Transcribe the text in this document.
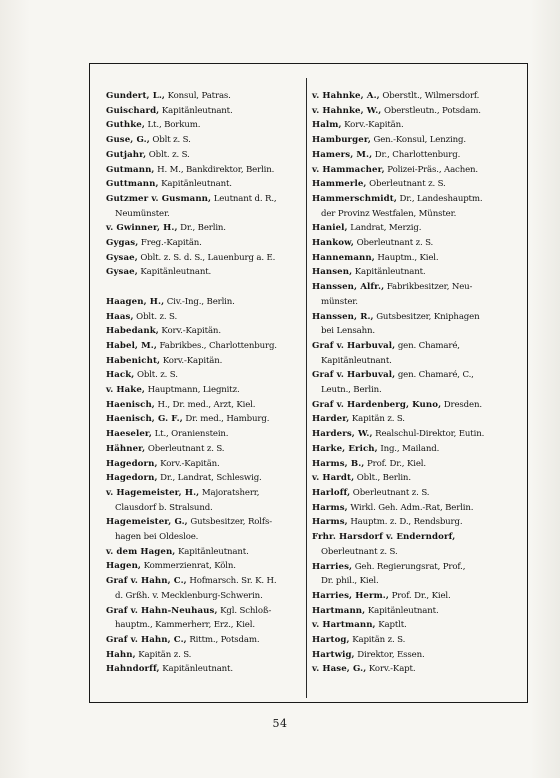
Gundert, L., Konsul, Patras.
Guischard, Kapitänleutnant.
Guthke, Lt., Borkum.
Guse, G., Oblt z. S.
Gutjahr, Oblt. z. S.
Gutmann, H. M., Bankdirektor, Berlin.
Guttmann, Kapitänleutnant.
Gutzmer v. Gusmann, Leutnant d. R.,
Neumünster.
v. Gwinner, H., Dr., Berlin.
Gygas, Freg.-Kapitän.
Gysae, Oblt. z. S. d. S., Lauenburg a. E.
Gysae, Kapitänleutnant.
Haagen, H., Civ.-Ing., Berlin.
Haas, Oblt. z. S.
Habedank, Korv.-Kapitän.
Habel, M., Fabrikbes., Charlottenburg.
Habenicht, Korv.-Kapitän.
Hack, Oblt. z. S.
v. Hake, Hauptmann, Liegnitz.
Haenisch, H., Dr. med., Arzt, Kiel.
Haenisch, G. F., Dr. med., Hamburg.
Haeseler, Lt., Oranienstein.
Hähner, Oberleutnant z. S.
Hagedorn, Korv.-Kapitän.
Hagedorn, Dr., Landrat, Schleswig.
v. Hagemeister, H., Majoratsherr,
Clausdorf b. Stralsund.
Hagemeister, G., Gutsbesitzer, Rolfs-
hagen bei Oldesloe.
v. dem Hagen, Kapitänleutnant.
Hagen, Kommerzienrat, Köln.
Graf v. Hahn, C., Hofmarsch. Sr. K. H.
d. Grßh. v. Mecklenburg-Schwerin.
Graf v. Hahn-Neuhaus, Kgl. Schloß-
hauptm., Kammerherr, Erz., Kiel.
Graf v. Hahn, C., Rittm., Potsdam.
Hahn, Kapitän z. S.
Hahndorff, Kapitänleutnant.
v. Hahnke, A., Oberstlt., Wilmersdorf.
v. Hahnke, W., Oberstleutn., Potsdam.
Halm, Korv.-Kapitän.
Hamburger, Gen.-Konsul, Lenzing.
Hamers, M., Dr., Charlottenburg.
v. Hammacher, Polizei-Präs., Aachen.
Hammerle, Oberleutnant z. S.
Hammerschmidt, Dr., Landeshauptm.
der Provinz Westfalen, Münster.
Haniel, Landrat, Merzig.
Hankow, Oberleutnant z. S.
Hannemann, Hauptm., Kiel.
Hansen, Kapitänleutnant.
Hanssen, Alfr., Fabrikbesitzer, Neu-
münster.
Hanssen, R., Gutsbesitzer, Kniphagen
bei Lensahn.
Graf v. Harbuval, gen. Chamaré,
Kapitänleutnant.
Graf v. Harbuval, gen. Chamaré, C.,
Leutn., Berlin.
Graf v. Hardenberg, Kuno, Dresden.
Harder, Kapitän z. S.
Harders, W., Realschul-Direktor, Eutin.
Harke, Erich, Ing., Mailand.
Harms, B., Prof. Dr., Kiel.
v. Hardt, Oblt., Berlin.
Harloff, Oberleutnant z. S.
Harms, Wirkl. Geh. Adm.-Rat, Berlin.
Harms, Hauptm. z. D., Rendsburg.
Frhr. Harsdorf v. Enderndorf,
Oberleutnant z. S.
Harries, Geh. Regierungsrat, Prof.,
Dr. phil., Kiel.
Harries, Herm., Prof. Dr., Kiel.
Hartmann, Kapitänleutnant.
v. Hartmann, Kaptlt.
Hartog, Kapitän z. S.
Hartwig, Direktor, Essen.
v. Hase, G., Korv.-Kapt.
54
